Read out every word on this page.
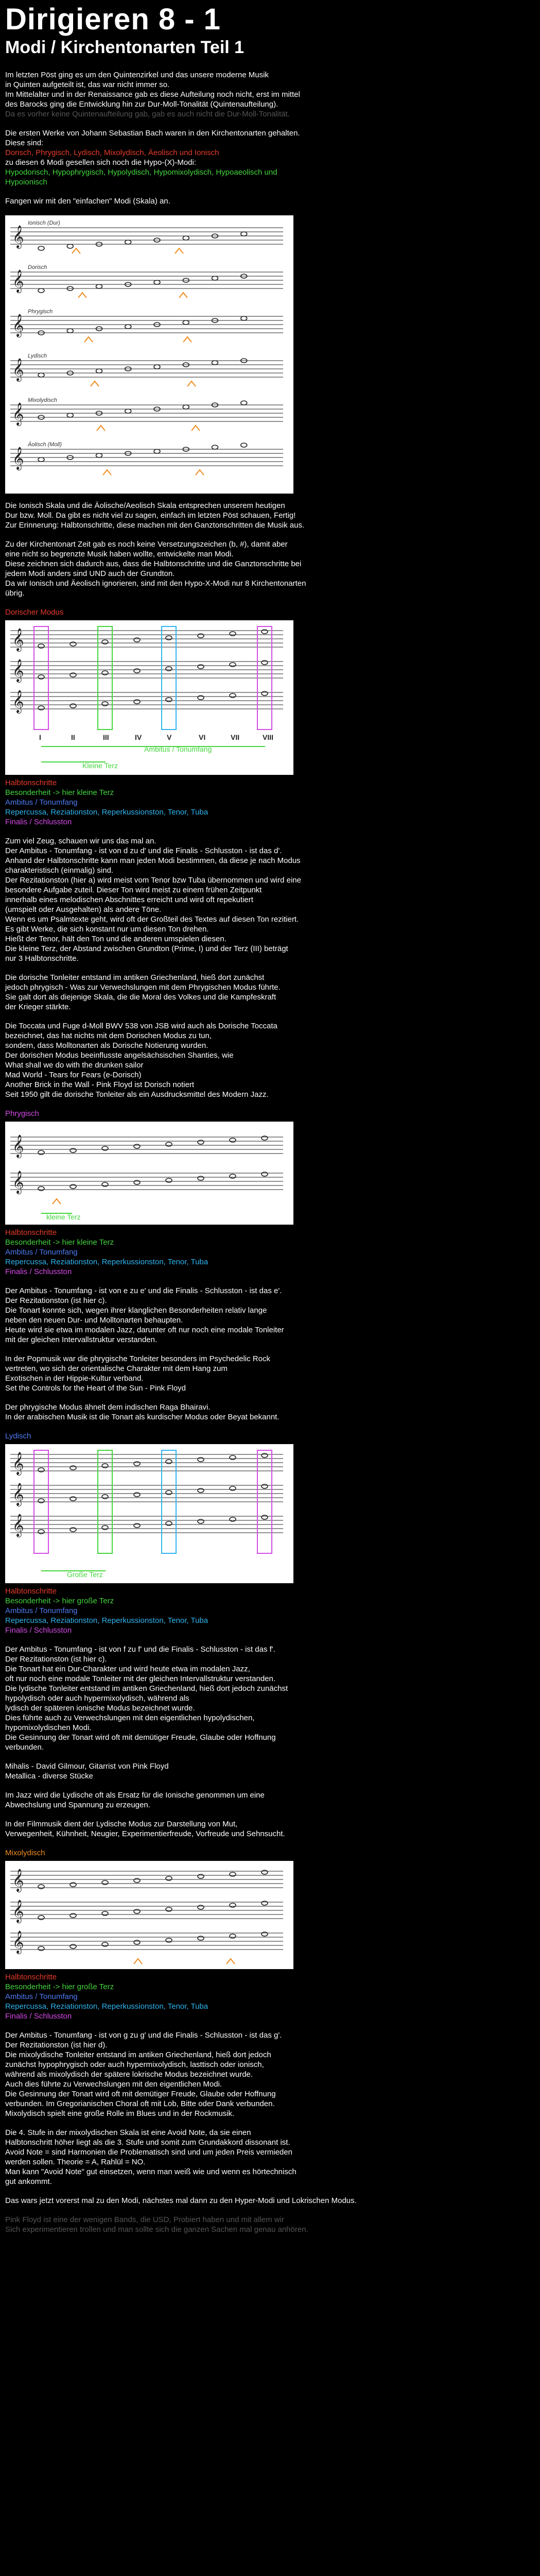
Dirigieren 8 - 1
Modi / Kirchentonarten Teil 1
Im letzten Pöst ging es um den Quintenzirkel und das unsere moderne Musik
in Quinten aufgeteilt ist, das war nicht immer so.
Im Mittelalter und in der Renaissance gab es diese Aufteilung noch nicht, erst im mittel
des Barocks ging die Entwicklung hin zur Dur-Moll-Tonalität (Quintenaufteilung).
Da es vorher keine Quintenaufteilung gab, gab es auch nicht die Dur-Moll-Tonalität.
Die ersten Werke von Johann Sebastian Bach waren in den Kirchentonarten gehalten.
Diese sind:
Dorisch, Phrygisch, Lydisch, Mixolydisch, Äeolisch und Ionisch
zu diesen 6 Modi gesellen sich noch die Hypo-(X)-Modi:
Hypodorisch, Hypophrygisch, Hypolydisch, Hypomixolydisch, Hypoaeolisch und
Hypoionisch
Fangen wir mit den "einfachen" Modi (Skala) an.
𝄞
Ionisch (Dur)
𝄞
Dorisch
𝄞
Phrygisch
𝄞
Lydisch
𝄞
Mixolydisch
𝄞
Äolisch (Moll)
Die Ionisch Skala und die Äolische/Aeolisch Skala entsprechen unserem heutigen
Dur bzw. Moll. Da gibt es nicht viel zu sagen, einfach im letzten Pöst schauen, Fertig!
Zur Erinnerung: Halbtonschritte, diese machen mit den Ganztonschritten die Musik aus.
Zu der Kirchentonart Zeit gab es noch keine Versetzungszeichen (b, #), damit aber
eine nicht so begrenzte Musik haben wollte, entwickelte man Modi.
Diese zeichnen sich dadurch aus, dass die Halbtonschritte und die Ganztonschritte bei
jedem Modi anders sind UND auch der Grundton.
Da wir Ionisch und Äeolisch ignorieren, sind mit den Hypo-X-Modi nur 8 Kirchentonarten
übrig.
Dorischer Modus
𝄞
𝄞
𝄞
I	II	III	IV	V	VI	VII	VIII
Kleine Terz
Ambitus / Tonumfang
Halbtonschritte
Besonderheit -> hier kleine Terz
Ambitus / Tonumfang
Repercussa, Reziationston, Reperkussionston, Tenor, Tuba
Finalis / Schlusston
Zum viel Zeug, schauen wir uns das mal an.
Der Ambitus - Tonumfang - ist von d zu d' und die Finalis - Schlusston - ist das d'.
Anhand der Halbtonschritte kann man jeden Modi bestimmen, da diese je nach Modus
charakteristisch (einmalig) sind.
Der Rezitationston (hier a) wird meist vom Tenor bzw Tuba übernommen und wird eine
besondere Aufgabe zuteil. Dieser Ton wird meist zu einem frühen Zeitpunkt
innerhalb eines melodischen Abschnittes erreicht und wird oft repekutiert
(umspielt oder Ausgehalten) als andere Töne.
Wenn es um Psalmtexte geht, wird oft der Großteil des Textes auf diesen Ton rezitiert.
Es gibt Werke, die sich konstant nur um diesen Ton drehen.
Hießt der Tenor, hält den Ton und die anderen umspielen diesen.
Die kleine Terz, der Abstand zwischen Grundton (Prime, I) und der Terz (III) beträgt
nur 3 Halbtonschritte.
Die dorische Tonleiter entstand im antiken Griechenland, hieß dort zunächst
jedoch phrygisch - Was zur Verwechslungen mit dem Phrygischen Modus führte.
Sie galt dort als diejenige Skala, die die Moral des Volkes und die Kampfeskraft
der Krieger stärkte.
Die Toccata und Fuge d-Moll BWV 538 von JSB wird auch als Dorische Toccata
bezeichnet, das hat nichts mit dem Dorischen Modus zu tun,
sondern, dass Molltonarten als Dorische Notierung wurden.
Der dorischen Modus beeinflusste angelsächsischen Shanties, wie
What shall we do with the drunken sailor
Mad World - Tears for Fears (e-Dorisch)
Another Brick in the Wall - Pink Floyd ist Dorisch notiert
Seit 1950 gilt die dorische Tonleiter als ein Ausdrucksmittel des Modern Jazz.
Phrygisch
𝄞
𝄞
kleine Terz
Halbtonschritte
Besonderheit -> hier kleine Terz
Ambitus / Tonumfang
Repercussa, Reziationston, Reperkussionston, Tenor, Tuba
Finalis / Schlusston
Der Ambitus - Tonumfang - ist von e zu e' und die Finalis - Schlusston - ist das e'.
Der Rezitationston (ist hier c).
Die Tonart konnte sich, wegen ihrer klanglichen Besonderheiten relativ lange
neben den neuen Dur- und Molltonarten behaupten.
Heute wird sie etwa im modalen Jazz, darunter oft nur noch eine modale Tonleiter
mit der gleichen Intervallstruktur verstanden.
In der Popmusik war die phrygische Tonleiter besonders im Psychedelic Rock
vertreten, wo sich der orientalische Charakter mit dem Hang zum
Exotischen in der Hippie-Kultur verband.
Set the Controls for the Heart of the Sun - Pink Floyd
Der phrygische Modus ähnelt dem indischen Raga Bhairavi.
In der arabischen Musik ist die Tonart als kurdischer Modus oder Beyat bekannt.
Lydisch
𝄞
𝄞
𝄞
Große Terz
Halbtonschritte
Besonderheit -> hier große Terz
Ambitus / Tonumfang
Repercussa, Reziationston, Reperkussionston, Tenor, Tuba
Finalis / Schlusston
Der Ambitus - Tonumfang - ist von f zu f' und die Finalis - Schlusston - ist das f'.
Der Rezitationston (ist hier c).
Die Tonart hat ein Dur-Charakter und wird heute etwa im modalen Jazz,
oft nur noch eine modale Tonleiter mit der gleichen Intervallstruktur verstanden.
Die lydische Tonleiter entstand im antiken Griechenland, hieß dort jedoch zunächst
hypolydisch oder auch hypermixolydisch, während als
lydisch der späteren ionische Modus bezeichnet wurde.
Dies führte auch zu Verwechslungen mit den eigentlichen hypolydischen,
hypomixolydischen Modi.
Die Gesinnung der Tonart wird oft mit demütiger Freude, Glaube oder Hoffnung
verbunden.
Mihalis - David Gilmour, Gitarrist von Pink Floyd
Metallica - diverse Stücke
Im Jazz wird die Lydische oft als Ersatz für die Ionische genommen um eine
Abwechslung und Spannung zu erzeugen.
In der Filmmusik dient der Lydische Modus zur Darstellung von Mut,
Verwegenheit, Kühnheit, Neugier, Experimentierfreude, Vorfreude und Sehnsucht.
Mixolydisch
𝄞
𝄞
𝄞
Halbtonschritte
Besonderheit -> hier große Terz
Ambitus / Tonumfang
Repercussa, Reziationston, Reperkussionston, Tenor, Tuba
Finalis / Schlusston
Der Ambitus - Tonumfang - ist von g zu g' und die Finalis - Schlusston - ist das g'.
Der Rezitationston (ist hier d).
Die mixolydische Tonleiter entstand im antiken Griechenland, hieß dort jedoch
zunächst hypophrygisch oder auch hypermixolydisch, lasttisch oder ionisch,
während als mixolydisch der spätere lokrische Modus bezeichnet wurde.
Auch dies führte zu Verwechslungen mit den eigentlichen Modi.
Die Gesinnung der Tonart wird oft mit demütiger Freude, Glaube oder Hoffnung
verbunden. Im Gregorianischen Choral oft mit Lob, Bitte oder Dank verbunden.
Mixolydisch spielt eine große Rolle im Blues und in der Rockmusik.
Die 4. Stufe in der mixolydischen Skala ist eine Avoid Note, da sie einen
Halbtonschritt höher liegt als die 3. Stufe und somit zum Grundakkord dissonant ist.
Avoid Note = sind Harmonien die Problematisch sind und um jeden Preis vermieden
werden sollen. Theorie = A, Rahlül = NO.
Man kann "Avoid Note" gut einsetzen, wenn man weiß wie und wenn es hörtechnisch
gut ankommt.
Das wars jetzt vorerst mal zu den Modi, nächstes mal dann zu den Hyper-Modi und Lokrischen Modus.
Pink Floyd ist eine der wenigen Bands, die USD, Probiert haben und mit allem wir
Sich experimentieren trollen und man sollte sich die ganzen Sachen mal genau anhören.
